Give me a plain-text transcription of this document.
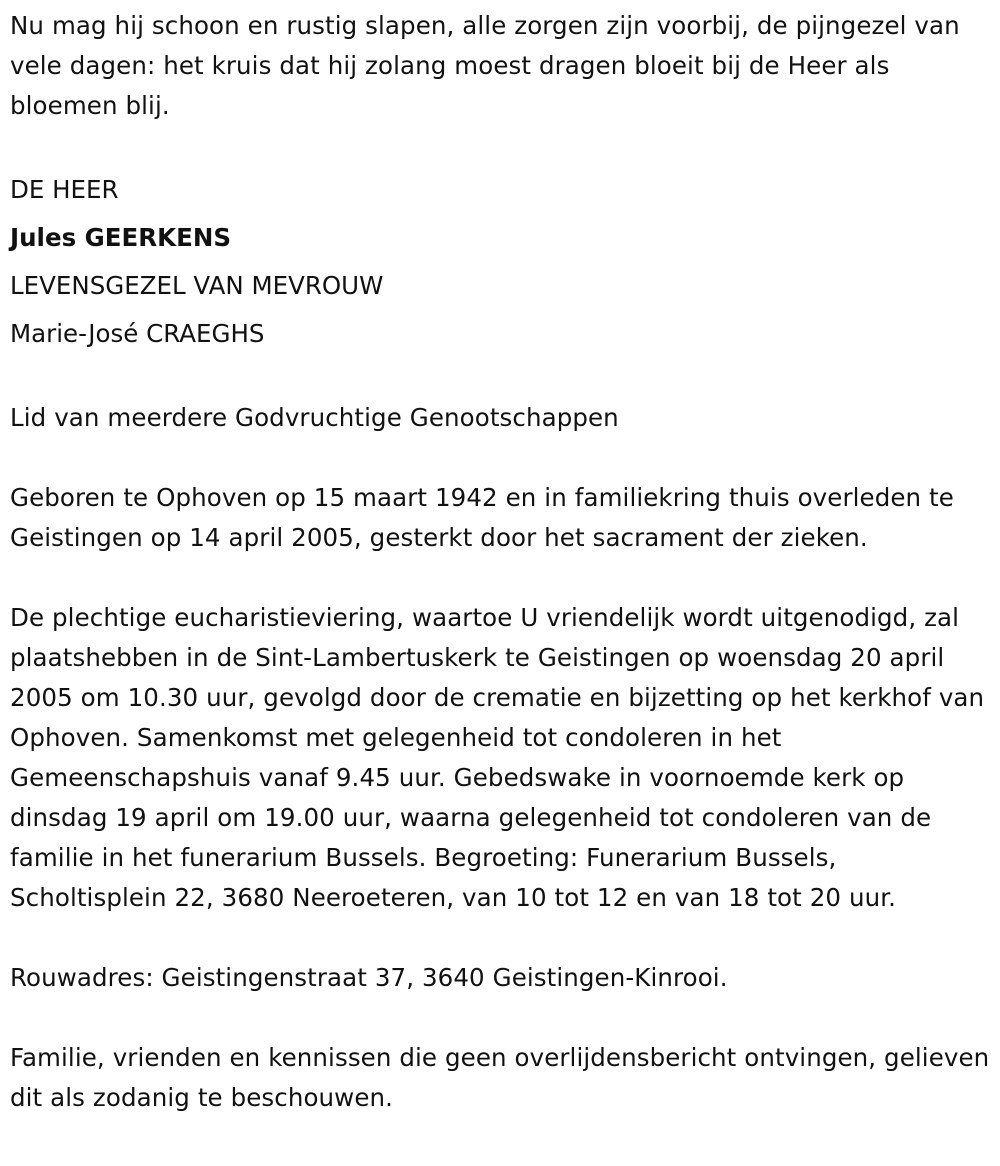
Nu mag hij schoon en rustig slapen, alle zorgen zijn voorbij, de pijngezel van vele dagen: het kruis dat hij zolang moest dragen bloeit bij de Heer als bloemen blij.

DE HEER

Jules GEERKENS

LEVENSGEZEL VAN MEVROUW

Marie-José CRAEGHS

Lid van meerdere Godvruchtige Genootschappen

Geboren te Ophoven op 15 maart 1942 en in familiekring thuis overleden te Geistingen op 14 april 2005, gesterkt door het sacrament der zieken.

De plechtige eucharistieviering, waartoe U vriendelijk wordt uitgenodigd, zal plaatshebben in de Sint-Lambertuskerk te Geistingen op woensdag 20 april 2005 om 10.30 uur, gevolgd door de crematie en bijzetting op het kerkhof van Ophoven. Samenkomst met gelegenheid tot condoleren in het Gemeenschapshuis vanaf 9.45 uur. Gebedswake in voornoemde kerk op dinsdag 19 april om 19.00 uur, waarna gelegenheid tot condoleren van de familie in het funerarium Bussels. Begroeting: Funerarium Bussels, Scholtisplein 22, 3680 Neeroeteren, van 10 tot 12 en van 18 tot 20 uur.

Rouwadres: Geistingenstraat 37, 3640 Geistingen-Kinrooi.

Familie, vrienden en kennissen die geen overlijdensbericht ontvingen, gelieven dit als zodanig te beschouwen.
